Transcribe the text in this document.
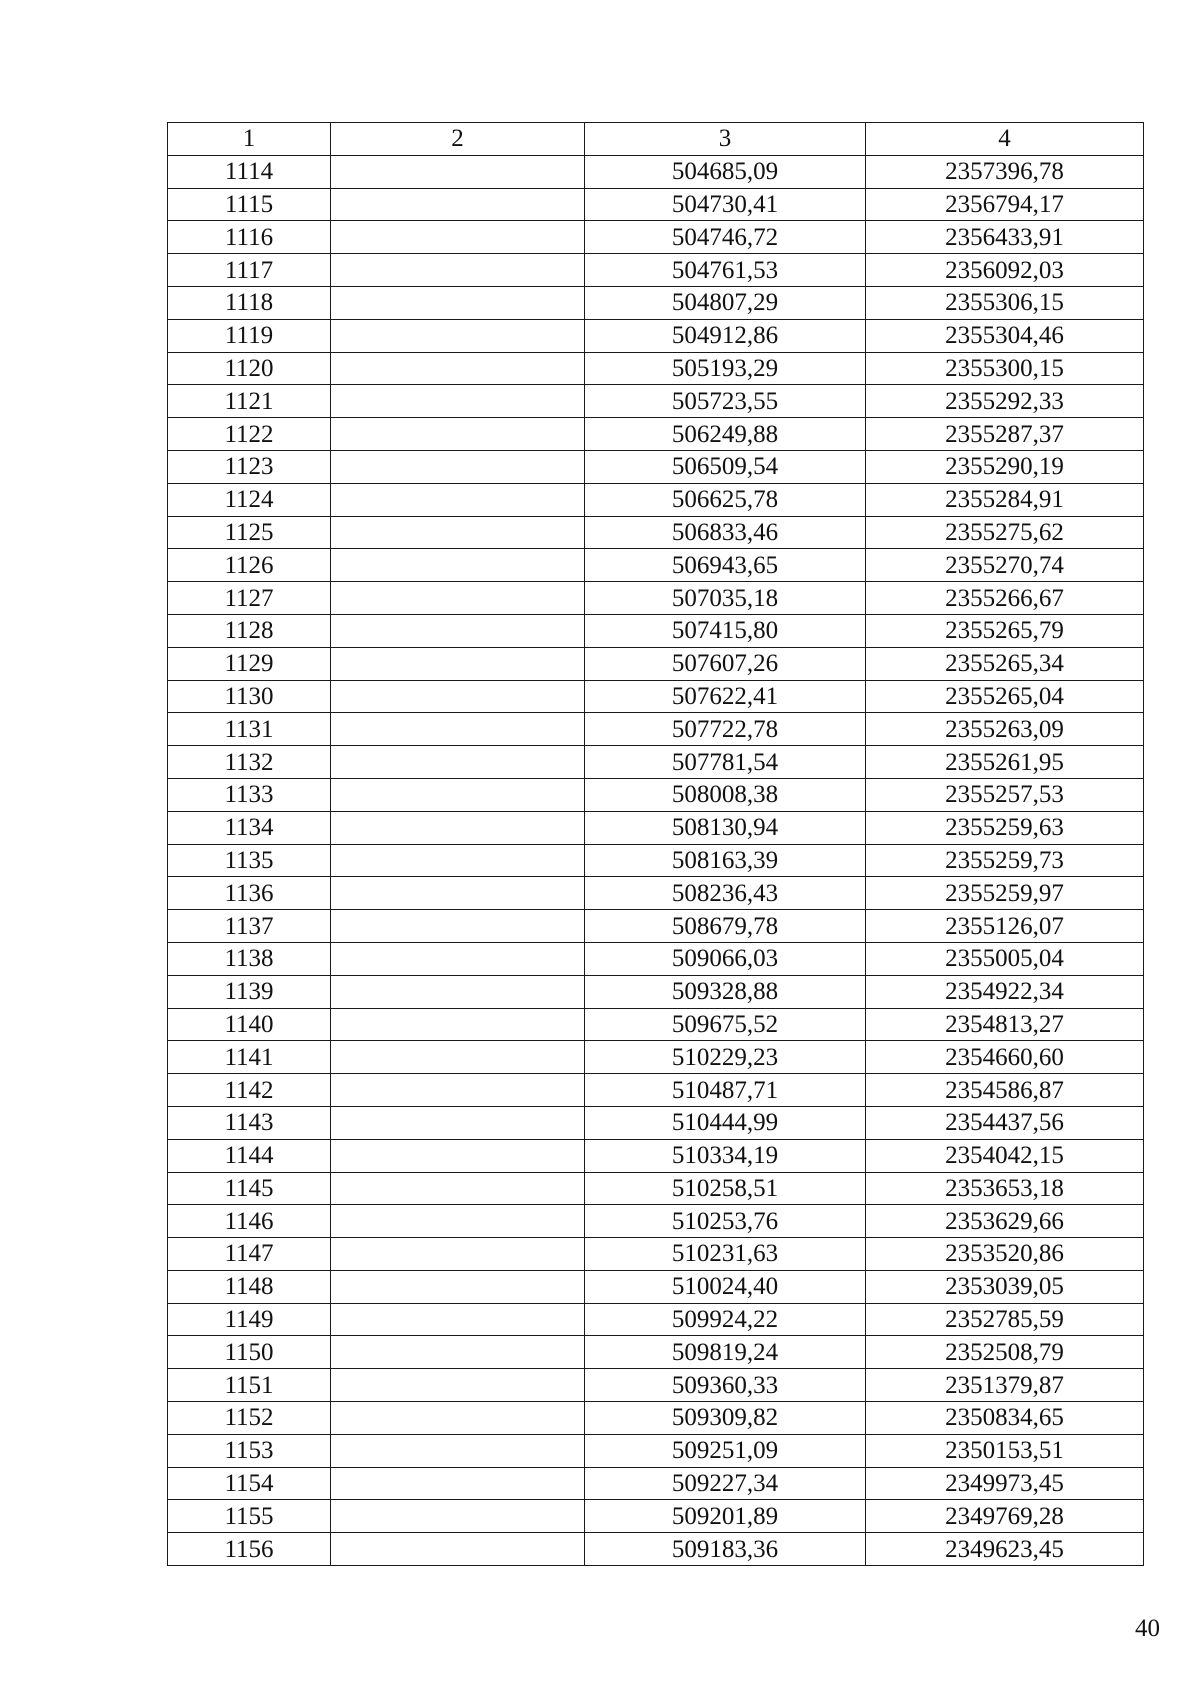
1	2	3	4
1114		504685,09	2357396,78
1115		504730,41	2356794,17
1116		504746,72	2356433,91
1117		504761,53	2356092,03
1118		504807,29	2355306,15
1119		504912,86	2355304,46
1120		505193,29	2355300,15
1121		505723,55	2355292,33
1122		506249,88	2355287,37
1123		506509,54	2355290,19
1124		506625,78	2355284,91
1125		506833,46	2355275,62
1126		506943,65	2355270,74
1127		507035,18	2355266,67
1128		507415,80	2355265,79
1129		507607,26	2355265,34
1130		507622,41	2355265,04
1131		507722,78	2355263,09
1132		507781,54	2355261,95
1133		508008,38	2355257,53
1134		508130,94	2355259,63
1135		508163,39	2355259,73
1136		508236,43	2355259,97
1137		508679,78	2355126,07
1138		509066,03	2355005,04
1139		509328,88	2354922,34
1140		509675,52	2354813,27
1141		510229,23	2354660,60
1142		510487,71	2354586,87
1143		510444,99	2354437,56
1144		510334,19	2354042,15
1145		510258,51	2353653,18
1146		510253,76	2353629,66
1147		510231,63	2353520,86
1148		510024,40	2353039,05
1149		509924,22	2352785,59
1150		509819,24	2352508,79
1151		509360,33	2351379,87
1152		509309,82	2350834,65
1153		509251,09	2350153,51
1154		509227,34	2349973,45
1155		509201,89	2349769,28
1156		509183,36	2349623,45
40
